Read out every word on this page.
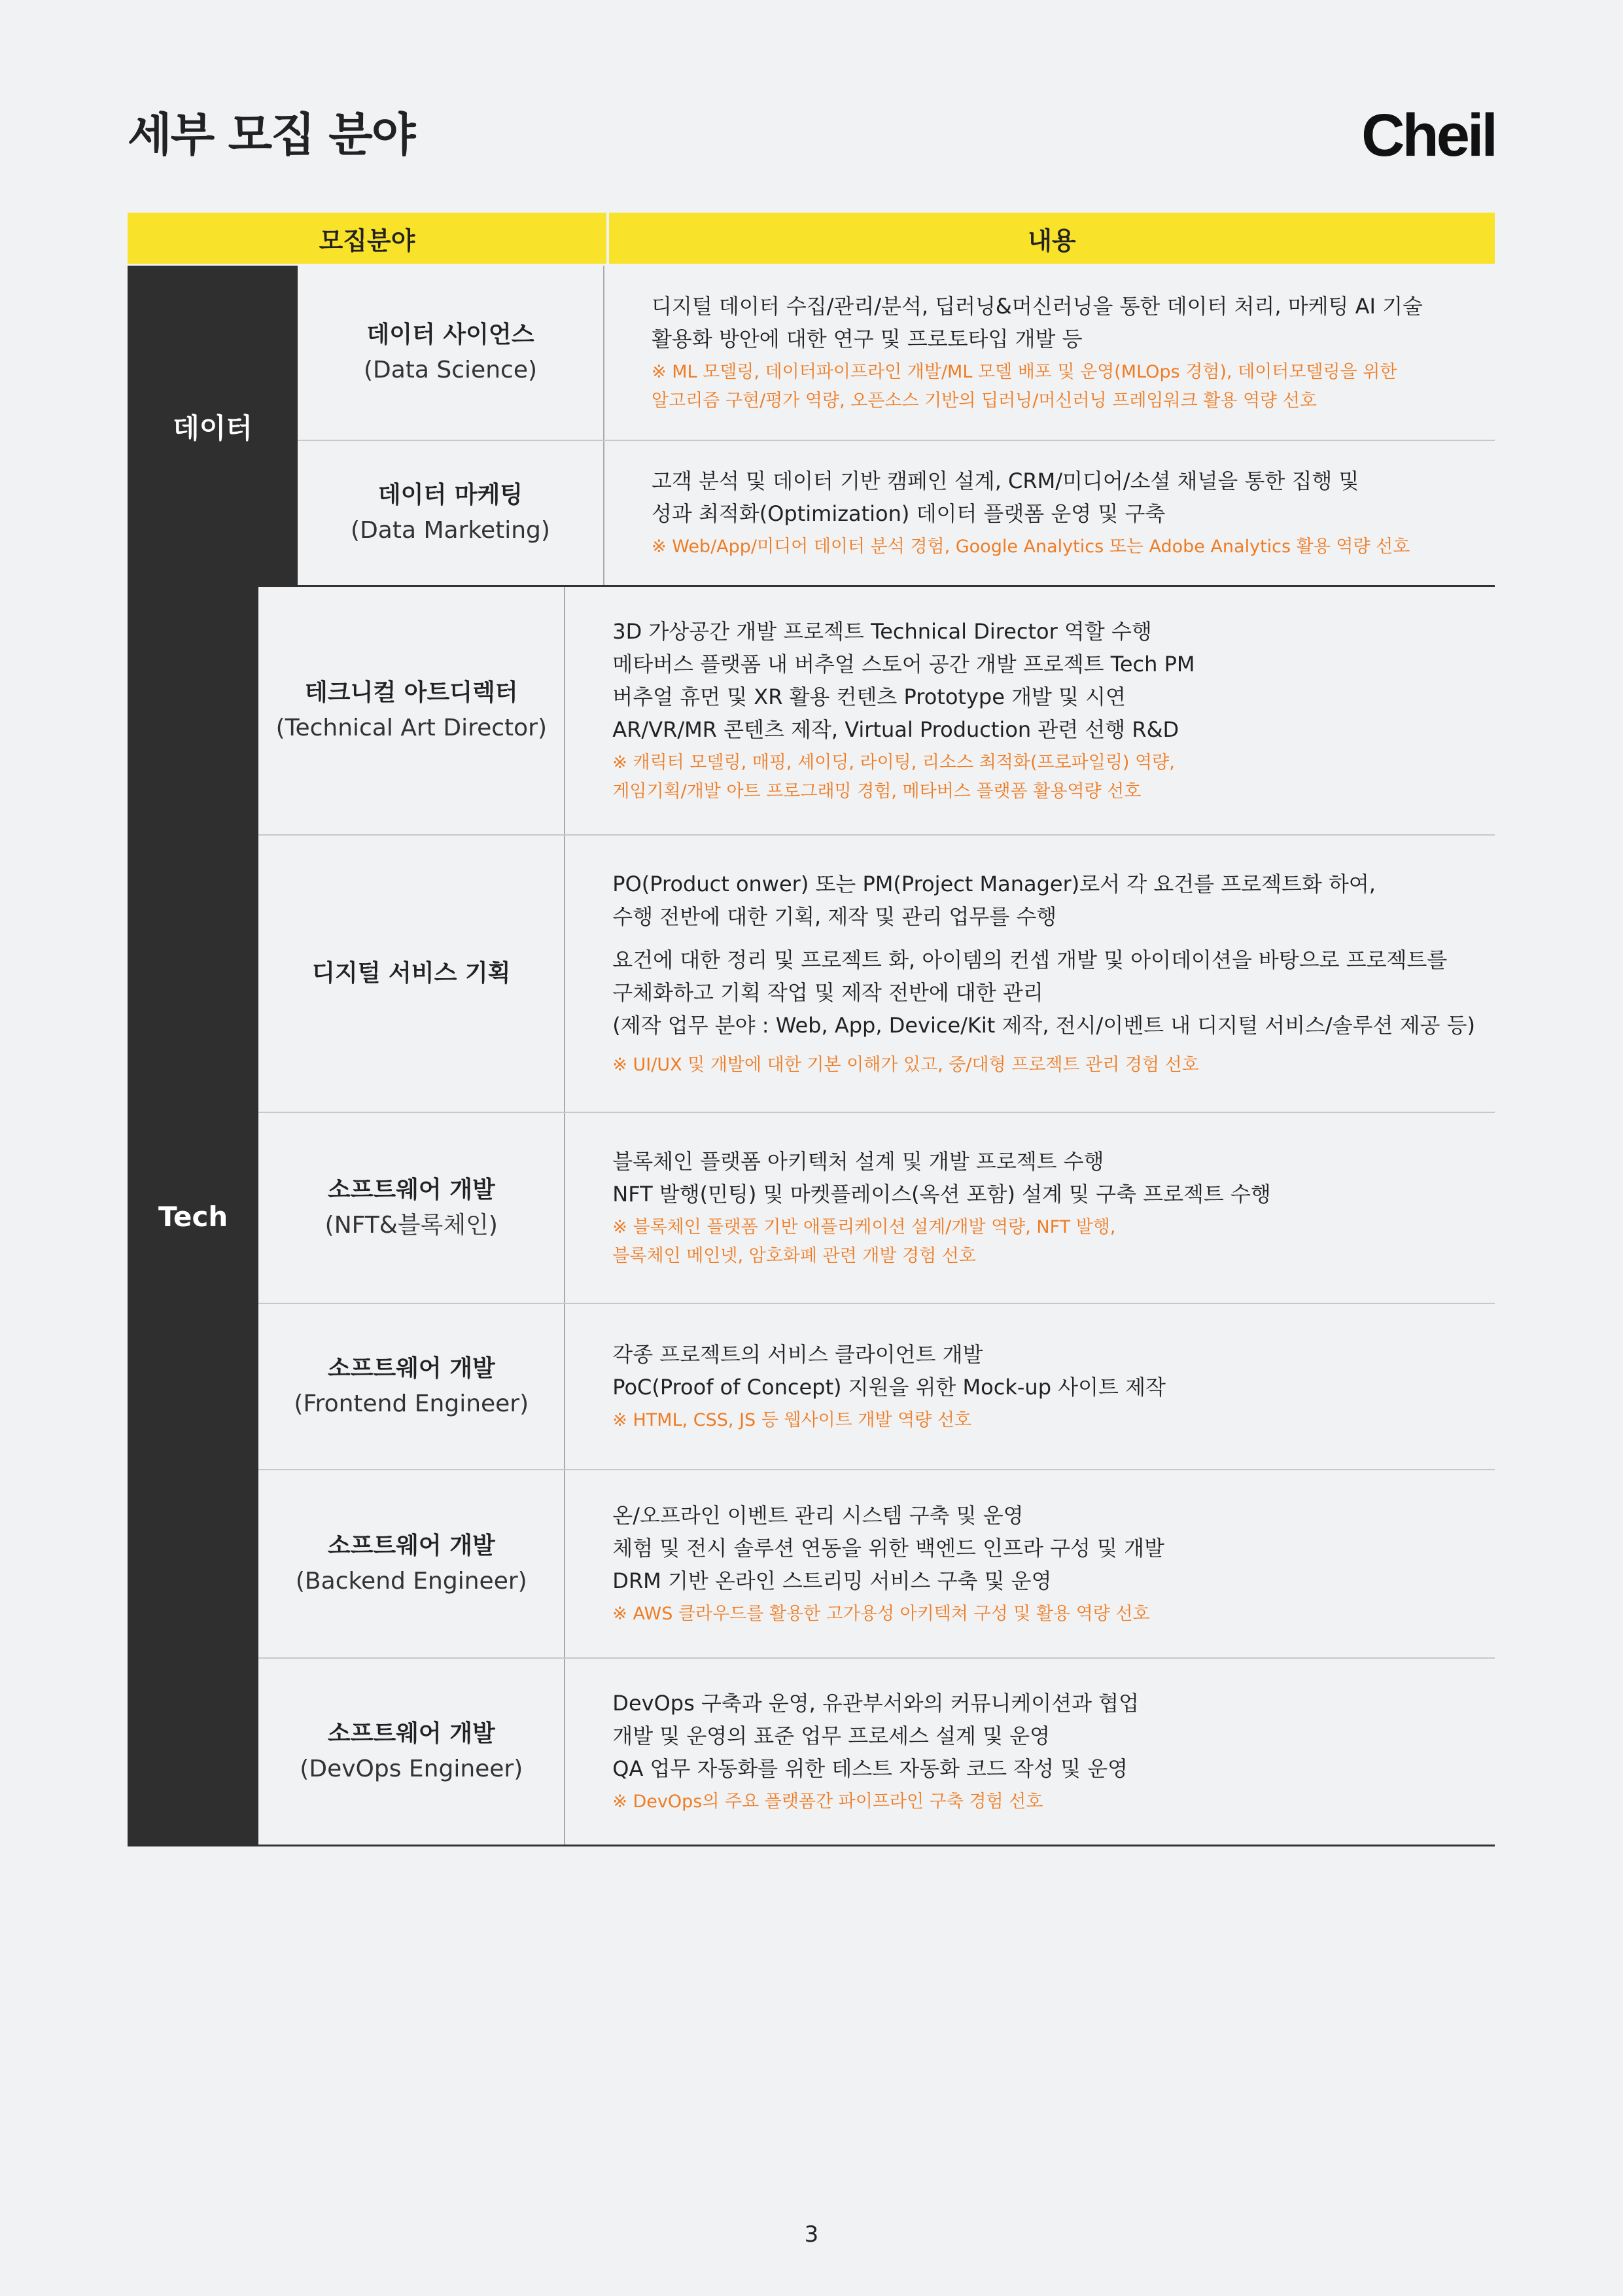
세부 모집 분야	Cheil
모집분야	내용
데이터
데이터 사이언스
(Data Science)
디지털 데이터 수집/관리/분석, 딥러닝&머신러닝을 통한 데이터 처리, 마케팅 AI 기술
활용화 방안에 대한 연구 및 프로토타입 개발 등
※ ML 모델링, 데이터파이프라인 개발/ML 모델 배포 및 운영(MLOps 경험), 데이터모델링을 위한
알고리즘 구현/평가 역량, 오픈소스 기반의 딥러닝/머신러닝 프레임워크 활용 역량 선호
데이터 마케팅
(Data Marketing)
고객 분석 및 데이터 기반 캠페인 설계, CRM/미디어/소셜 채널을 통한 집행 및
성과 최적화(Optimization) 데이터 플랫폼 운영 및 구축
※ Web/App/미디어 데이터 분석 경험, Google Analytics 또는 Adobe Analytics 활용 역량 선호
Tech
테크니컬 아트디렉터
(Technical Art Director)
3D 가상공간 개발 프로젝트 Technical Director 역할 수행
메타버스 플랫폼 내 버추얼 스토어 공간 개발 프로젝트 Tech PM
버추얼 휴먼 및 XR 활용 컨텐츠 Prototype 개발 및 시연
AR/VR/MR 콘텐츠 제작, Virtual Production 관련 선행 R&D
※ 캐릭터 모델링, 매핑, 셰이딩, 라이팅, 리소스 최적화(프로파일링) 역량,
게임기획/개발 아트 프로그래밍 경험, 메타버스 플랫폼 활용역량 선호
디지털 서비스 기획
PO(Product onwer) 또는 PM(Project Manager)로서 각 요건를 프로젝트화 하여,
수행 전반에 대한 기획, 제작 및 관리 업무를 수행
요건에 대한 정리 및 프로젝트 화, 아이템의 컨셉 개발 및 아이데이션을 바탕으로 프로젝트를
구체화하고 기획 작업 및 제작 전반에 대한 관리
(제작 업무 분야 : Web, App, Device/Kit 제작, 전시/이벤트 내 디지털 서비스/솔루션 제공 등)
※ UI/UX 및 개발에 대한 기본 이해가 있고, 중/대형 프로젝트 관리 경험 선호
소프트웨어 개발
(NFT&블록체인)
블록체인 플랫폼 아키텍처 설계 및 개발 프로젝트 수행
NFT 발행(민팅) 및 마켓플레이스(옥션 포함) 설계 및 구축 프로젝트 수행
※ 블록체인 플랫폼 기반 애플리케이션 설계/개발 역량, NFT 발행,
블록체인 메인넷, 암호화폐 관련 개발 경험 선호
소프트웨어 개발
(Frontend Engineer)
각종 프로젝트의 서비스 클라이언트 개발
PoC(Proof of Concept) 지원을 위한 Mock-up 사이트 제작
※ HTML, CSS, JS 등 웹사이트 개발 역량 선호
소프트웨어 개발
(Backend Engineer)
온/오프라인 이벤트 관리 시스템 구축 및 운영
체험 및 전시 솔루션 연동을 위한 백엔드 인프라 구성 및 개발
DRM 기반 온라인 스트리밍 서비스 구축 및 운영
※ AWS 클라우드를 활용한 고가용성 아키텍쳐 구성 및 활용 역량 선호
소프트웨어 개발
(DevOps Engineer)
DevOps 구축과 운영, 유관부서와의 커뮤니케이션과 협업
개발 및 운영의 표준 업무 프로세스 설계 및 운영
QA 업무 자동화를 위한 테스트 자동화 코드 작성 및 운영
※ DevOps의 주요 플랫폼간 파이프라인 구축 경험 선호
3
